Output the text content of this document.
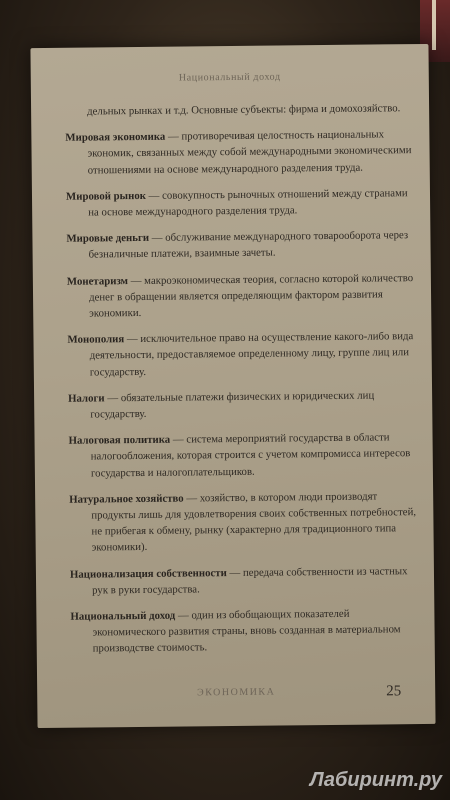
Национальный доход

дельных рынках и т.д. Основные субъекты: фирма и домохозяйство.

Мировая экономика — противоречивая целостность национальных экономик, связанных между собой международными экономическими отношениями на основе международного разделения труда.

Мировой рынок — совокупность рыночных отношений между странами на основе международного разделения труда.

Мировые деньги — обслуживание международного товарооборота через безналичные платежи, взаимные зачеты.

Монетаризм — макроэкономическая теория, согласно которой количество денег в обращении является определяющим фактором развития экономики.

Монополия — исключительное право на осуществление какого-либо вида деятельности, предоставляемое определенному лицу, группе лиц или государству.

Налоги — обязательные платежи физических и юридических лиц государству.

Налоговая политика — система мероприятий государства в области налогообложения, которая строится с учетом компромисса интересов государства и налогоплательщиков.

Натуральное хозяйство — хозяйство, в котором люди производят продукты лишь для удовлетворения своих собственных потребностей, не прибегая к обмену, рынку (характерно для традиционного типа экономики).

Национализация собственности — передача собственности из частных рук в руки государства.

Национальный доход — один из обобщающих показателей экономического развития страны, вновь созданная в материальном производстве стоимость.

ЭКОНОМИКА	25
Лабиринт.ру
